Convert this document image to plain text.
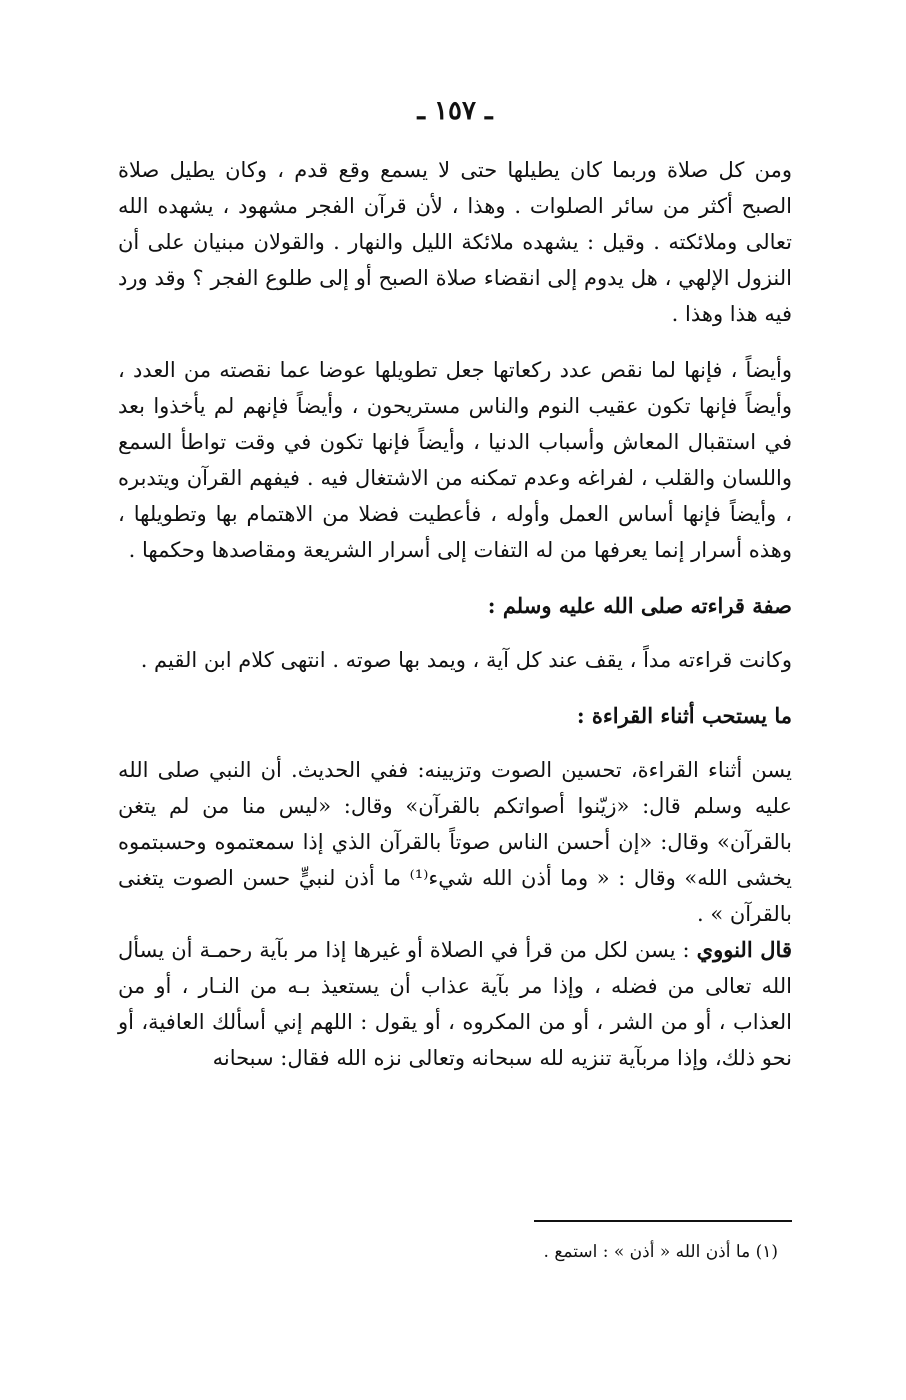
ـ ١٥٧ ـ

ومن كل صلاة وربما كان يطيلها حتى لا يسمع وقع قدم ، وكان يطيل صلاة الصبح أكثر من سائر الصلوات . وهذا ، لأن قرآن الفجر مشهود ، يشهده الله تعالى وملائكته . وقيل : يشهده ملائكة الليل والنهار . والقولان مبنيان على أن النزول الإلهي ، هل يدوم إلى انقضاء صلاة الصبح أو إلى طلوع الفجر ؟ وقد ورد فيه هذا وهذا .

وأيضاً ، فإنها لما نقص عدد ركعاتها جعل تطويلها عوضا عما نقصته من العدد ، وأيضاً فإنها تكون عقيب النوم والناس مستريحون ، وأيضاً فإنهم لم يأخذوا بعد في استقبال المعاش وأسباب الدنيا ، وأيضاً فإنها تكون في وقت تواطأ السمع واللسان والقلب ، لفراغه وعدم تمكنه من الاشتغال فيه . فيفهم القرآن ويتدبره ، وأيضاً فإنها أساس العمل وأوله ، فأعطيت فضلا من الاهتمام بها وتطويلها ، وهذه أسرار إنما يعرفها من له التفات إلى أسرار الشريعة ومقاصدها وحكمها .

صفة قراءته صلى الله عليه وسلم :

وكانت قراءته مداً ، يقف عند كل آية ، ويمد بها صوته . انتهى كلام ابن القيم .

ما يستحب أثناء القراءة :

يسن أثناء القراءة، تحسين الصوت وتزيينه: ففي الحديث. أن النبي صلى الله عليه وسلم قال: «زيّنوا أصواتكم بالقرآن» وقال: «ليس منا من لم يتغن بالقرآن» وقال: «إن أحسن الناس صوتاً بالقرآن الذي إذا سمعتموه وحسبتموه يخشى الله» وقال : « وما أذن الله شيء⁽¹⁾ ما أذن لنبيٍّ حسن الصوت يتغنى بالقرآن » .

قال النووي : يسن لكل من قرأ في الصلاة أو غيرها إذا مر بآية رحمـة أن يسأل الله تعالى من فضله ، وإذا مر بآية عذاب أن يستعيذ بـه من النـار ، أو من العذاب ، أو من الشر ، أو من المكروه ، أو يقول : اللهم إني أسألك العافية، أو نحو ذلك، وإذا مربآية تنزيه لله سبحانه وتعالى نزه الله فقال: سبحانه

(١) ما أذن الله « أذن » : استمع .
